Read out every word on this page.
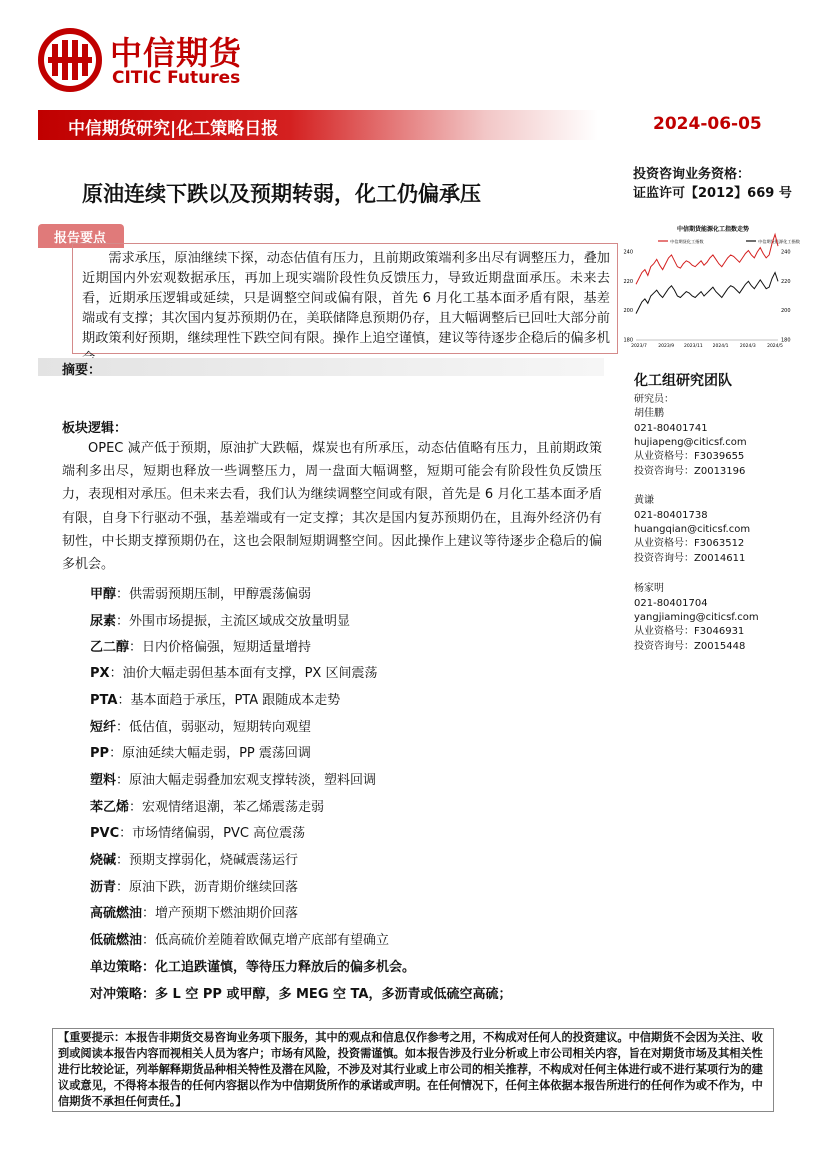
中信期货
CITIC Futures
中信期货研究|化工策略日报	2024-06-05
投资咨询业务资格：
证监许可【2012】669 号
原油连续下跌以及预期转弱，化工仍偏承压
报告要点
需求承压，原油继续下探，动态估值有压力，且前期政策端利多出尽有调整压力，叠加近期国内外宏观数据承压，再加上现实端阶段性负反馈压力，导致近期盘面承压。未来去看，近期承压逻辑或延续，只是调整空间或偏有限，首先 6 月化工基本面矛盾有限，基差端或有支撑；其次国内复苏预期仍在，美联储降息预期仍存，且大幅调整后已回吐大部分前期政策利好预期，继续理性下跌空间有限。操作上追空谨慎，建议等待逐步企稳后的偏多机
中信期货能源化工指数走势
中信期货化工指数	中信期货能源化工指数
180
200
220
240
180
200
220
240
2023/7	2023/9 2023/11 2024/1	2024/3	2024/5
摘要：
板块逻辑：
OPEC 减产低于预期，原油扩大跌幅，煤炭也有所承压，动态估值略有压力，且前期政策端利多出尽，短期也释放一些调整压力，周一盘面大幅调整，短期可能会有阶段性负反馈压力，表现相对承压。但未来去看，我们认为继续调整空间或有限，首先是 6 月化工基本面矛盾有限，自身下行驱动不强，基差端或有一定支撑；其次是国内复苏预期仍在，且海外经济仍有韧性，中长期支撑预期仍在，这也会限制短期调整空间。因此操作上建议等待逐步企稳后的偏多机会。
甲醇：供需弱预期压制，甲醇震荡偏弱
尿素：外围市场提振，主流区域成交放量明显
乙二醇：日内价格偏强，短期适量增持
PX：油价大幅走弱但基本面有支撑，PX 区间震荡
PTA：基本面趋于承压，PTA 跟随成本走势
短纤：低估值，弱驱动，短期转向观望
PP：原油延续大幅走弱，PP 震荡回调
塑料：原油大幅走弱叠加宏观支撑转淡，塑料回调
苯乙烯：宏观情绪退潮，苯乙烯震荡走弱
PVC：市场情绪偏弱，PVC 高位震荡
烧碱：预期支撑弱化，烧碱震荡运行
沥青：原油下跌，沥青期价继续回落
高硫燃油：增产预期下燃油期价回落
低硫燃油：低高硫价差随着欧佩克增产底部有望确立
单边策略：化工追跌谨慎，等待压力释放后的偏多机会。
对冲策略：多 L 空 PP 或甲醇，多 MEG 空 TA，多沥青或低硫空高硫；
化工组研究团队
研究员：
胡佳鹏
021-80401741
hujiapeng@citicsf.com
从业资格号：F3039655
投资咨询号：Z0013196
黄谦
021-80401738
huangqian@citicsf.com
从业资格号：F3063512
投资咨询号：Z0014611
杨家明
021-80401704
yangjiaming@citicsf.com
从业资格号：F3046931
投资咨询号：Z0015448
【重要提示：本报告非期货交易咨询业务项下服务，其中的观点和信息仅作参考之用，不构成对任何人的投资建议。中信期货不会因为关注、收到或阅读本报告内容而视相关人员为客户；市场有风险，投资需谨慎。如本报告涉及行业分析或上市公司相关内容，旨在对期货市场及其相关性进行比较论证，列举解释期货品种相关特性及潜在风险，不涉及对其行业或上市公司的相关推荐，不构成对任何主体进行或不进行某项行为的建议或意见，不得将本报告的任何内容据以作为中信期货所作的承诺或声明。在任何情况下，任何主体依据本报告所进行的任何作为或不作为，中信期货不承担任何责任。】
